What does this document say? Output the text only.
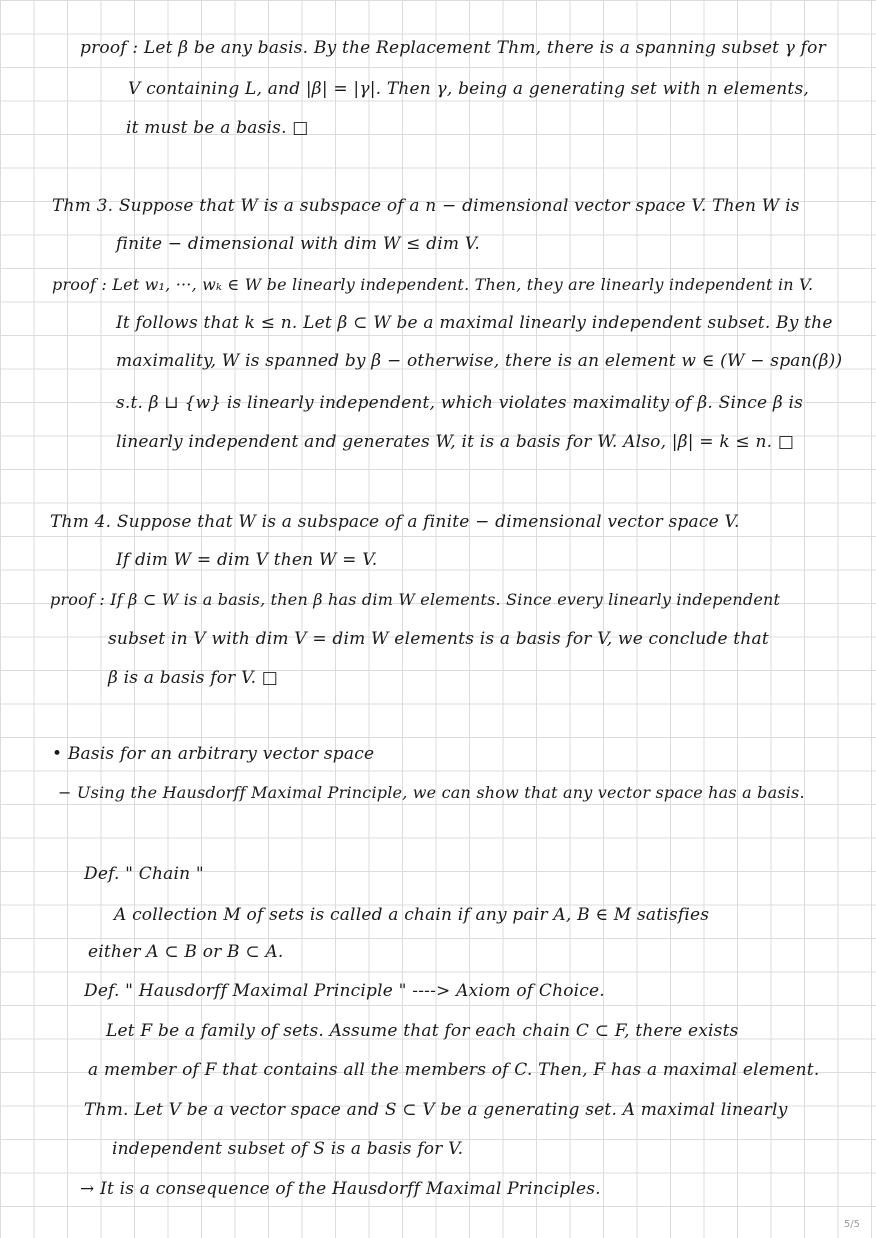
proof : Let β be any basis. By the Replacement Thm, there is a spanning subset γ for
V containing L, and |β| = |γ|. Then γ, being a generating set with n elements,
it must be a basis. □
Thm 3. Suppose that W is a subspace of a n − dimensional vector space V. Then W is
finite − dimensional with dim W ≤ dim V.
proof : Let w₁, ···, wₖ ∈ W be linearly independent. Then, they are linearly independent in V.
It follows that k ≤ n. Let β ⊂ W be a maximal linearly independent subset. By the
maximality, W is spanned by β − otherwise, there is an element w ∈ (W − span(β))
s.t. β ⊔ {w} is linearly independent, which violates maximality of β. Since β is
linearly independent and generates W, it is a basis for W. Also, |β| = k ≤ n. □
Thm 4. Suppose that W is a subspace of a finite − dimensional vector space V.
If dim W = dim V then W = V.
proof : If β ⊂ W is a basis, then β has dim W elements. Since every linearly independent
subset in V with dim V = dim W elements is a basis for V, we conclude that
β is a basis for V. □
• Basis for an arbitrary vector space
− Using the Hausdorff Maximal Principle, we can show that any vector space has a basis.
Def. " Chain "
A collection M of sets is called a chain if any pair A, B ∈ M satisfies
either A ⊂ B or B ⊂ A.
Def. " Hausdorff Maximal Principle " ----> Axiom of Choice.
Let F be a family of sets. Assume that for each chain C ⊂ F, there exists
a member of F that contains all the members of C. Then, F has a maximal element.
Thm. Let V be a vector space and S ⊂ V be a generating set. A maximal linearly
independent subset of S is a basis for V.
→ It is a consequence of the Hausdorff Maximal Principles.
5/5
